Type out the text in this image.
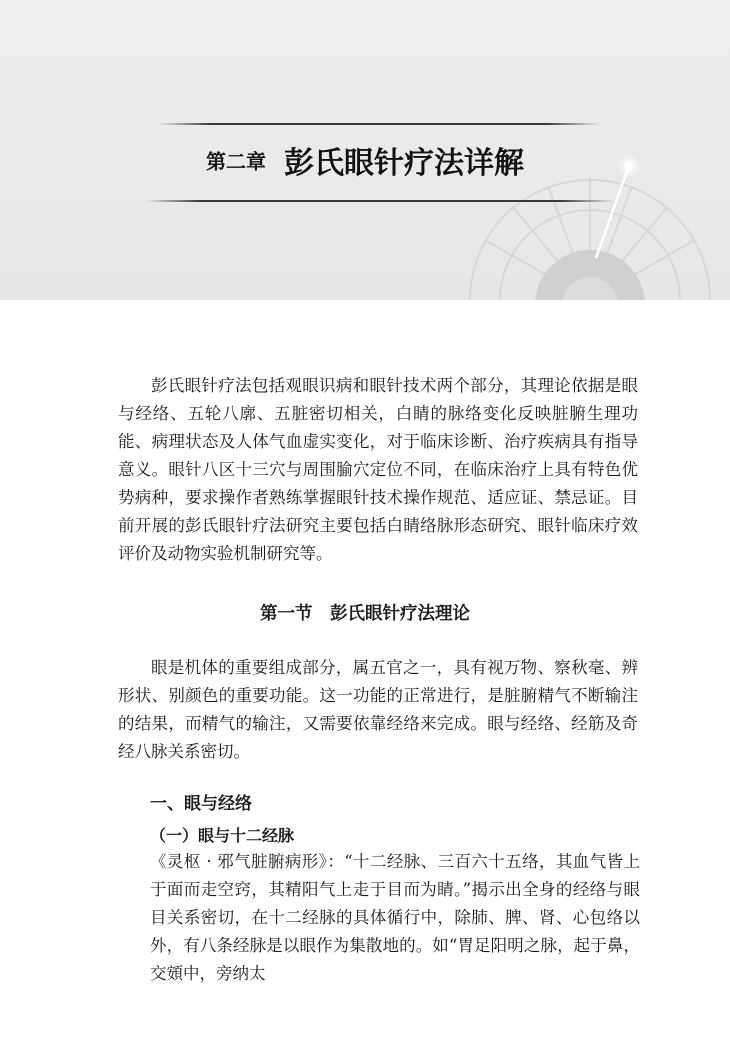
第二章 彭氏眼针疗法详解

彭氏眼针疗法包括观眼识病和眼针技术两个部分，其理论依据是眼与经络、五轮八廓、五脏密切相关，白睛的脉络变化反映脏腑生理功能、病理状态及人体气血虚实变化，对于临床诊断、治疗疾病具有指导意义。眼针八区十三穴与周围腧穴定位不同，在临床治疗上具有特色优势病种，要求操作者熟练掌握眼针技术操作规范、适应证、禁忌证。目前开展的彭氏眼针疗法研究主要包括白睛络脉形态研究、眼针临床疗效评价及动物实验机制研究等。

第一节　彭氏眼针疗法理论

眼是机体的重要组成部分，属五官之一，具有视万物、察秋毫、辨形状、别颜色的重要功能。这一功能的正常进行，是脏腑精气不断输注的结果，而精气的输注，又需要依靠经络来完成。眼与经络、经筋及奇经八脉关系密切。

一、眼与经络
（一）眼与十二经脉

《灵枢 · 邪气脏腑病形》：“十二经脉、三百六十五络，其血气皆上于面而走空窍，其精阳气上走于目而为睛。”揭示出全身的经络与眼目关系密切，在十二经脉的具体循行中，除肺、脾、肾、心包络以外，有八条经脉是以眼作为集散地的。如“胃足阳明之脉，起于鼻，交頞中，旁纳太
